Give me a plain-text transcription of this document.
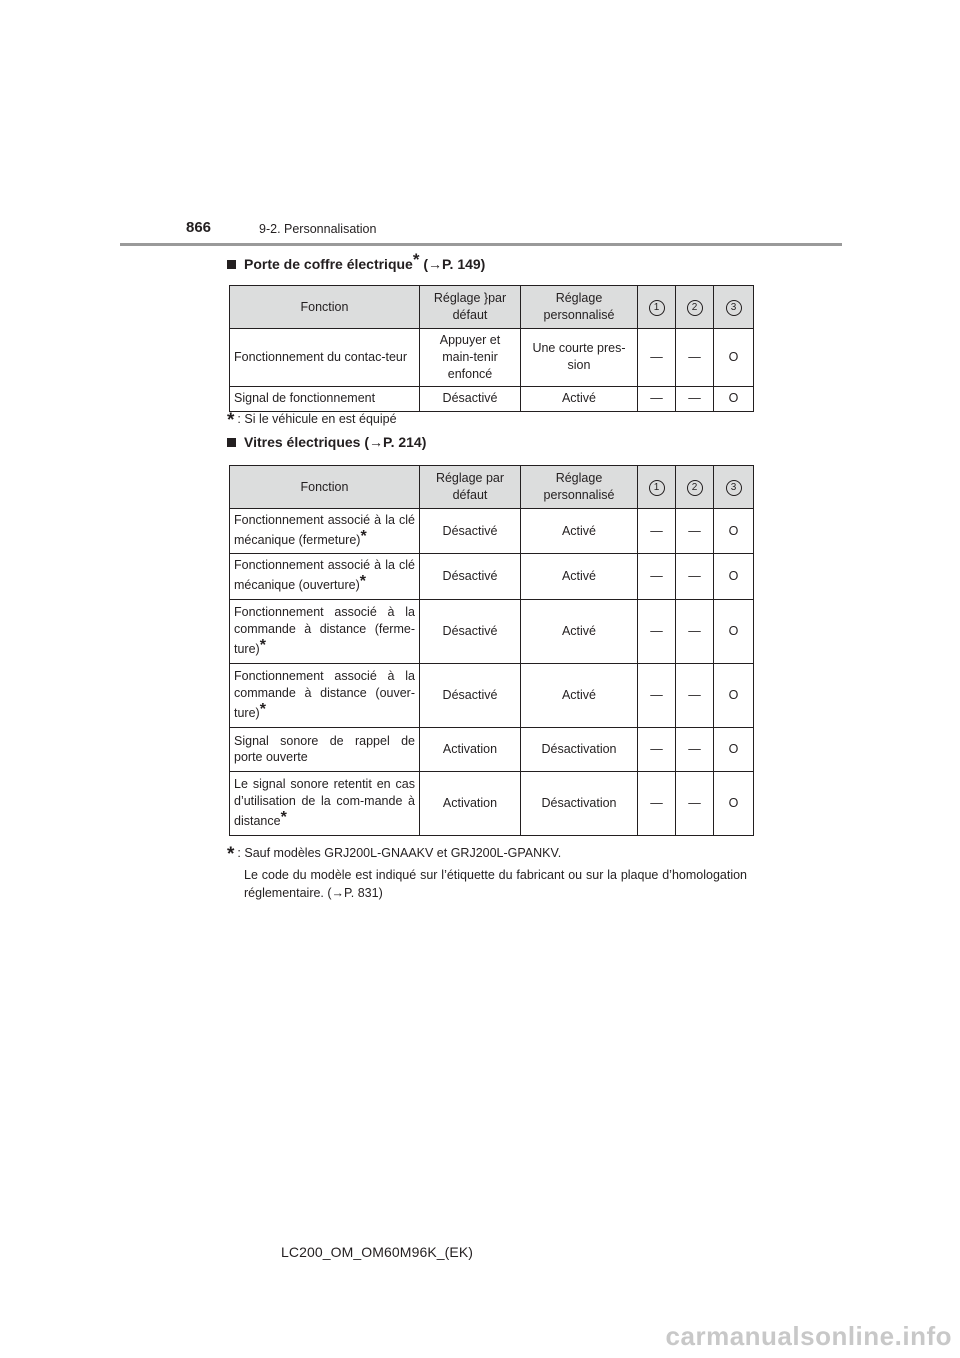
866	9-2. Personnalisation
Porte de coffre électrique* (→P. 149)
Fonction	Réglage }par défaut	Réglage personnalisé	1	2	3
Fonctionnement du contac-teur	Appuyer et main-tenir enfoncé	Une courte pres-sion	—	—	O
Signal de fonctionnement	Désactivé	Activé	—	—	O
* : Si le véhicule en est équipé
Vitres électriques (→P. 214)
Fonction	Réglage par défaut	Réglage personnalisé	1	2	3
Fonctionnement associé à la clé mécanique (fermeture)*	Désactivé	Activé	—	—	O
Fonctionnement associé à la clé mécanique (ouverture)*	Désactivé	Activé	—	—	O
Fonctionnement associé à la commande à distance (ferme-ture)*	Désactivé	Activé	—	—	O
Fonctionnement associé à la commande à distance (ouver-ture)*	Désactivé	Activé	—	—	O
Signal sonore de rappel de porte ouverte	Activation	Désactivation	—	—	O
Le signal sonore retentit en cas d’utilisation de la com-mande à distance*	Activation	Désactivation	—	—	O
* : Sauf modèles GRJ200L-GNAAKV et GRJ200L-GPANKV.
Le code du modèle est indiqué sur l’étiquette du fabricant ou sur la plaque d’homologation réglementaire. (→P. 831)
LC200_OM_OM60M96K_(EK)
carmanualsonline.info
